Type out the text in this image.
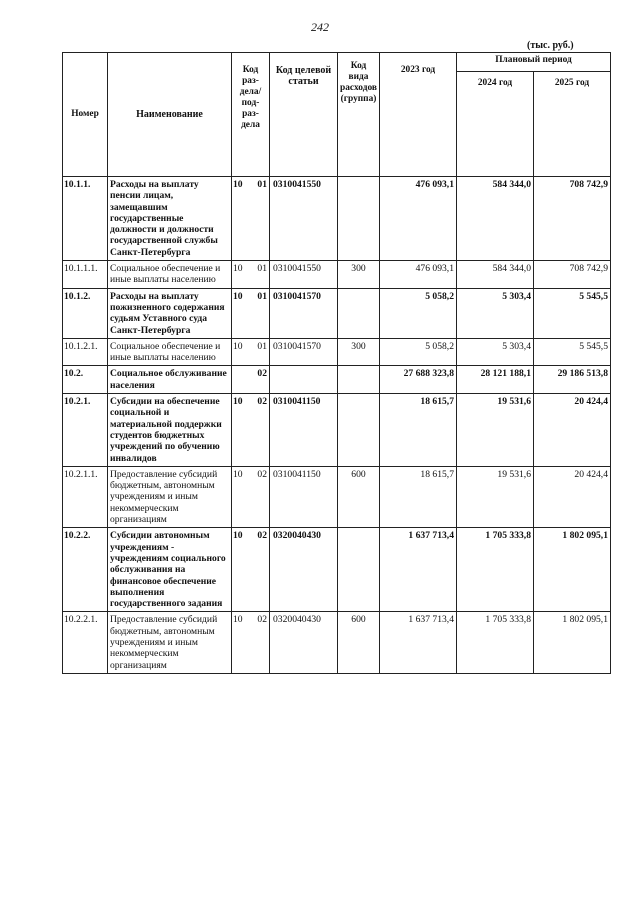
242
(тыс. руб.)
Номер	Наименование	Код раз-дела/ под-раз-дела	Код целевой статьи	Код вида расходов (группа)	2023 год	Плановый период	
						2024 год	2025 год
10.1.1.	Расходы на выплату пенсии лицам, замещавшим государственные должности и должности государственной службы Санкт-Петербурга	10 01	0310041550		476 093,1	584 344,0	708 742,9
10.1.1.1.	Социальное обеспечение и иные выплаты населению	10 01	0310041550	300	476 093,1	584 344,0	708 742,9
10.1.2.	Расходы на выплату пожизненного содержания судьям Уставного суда Санкт-Петербурга	10 01	0310041570		5 058,2	5 303,4	5 545,5
10.1.2.1.	Социальное обеспечение и иные выплаты населению	10 01	0310041570	300	5 058,2	5 303,4	5 545,5
10.2.	Социальное обслуживание населения	02			27 688 323,8	28 121 188,1	29 186 513,8
10.2.1.	Субсидии на обеспечение социальной и материальной поддержки студентов бюджетных учреждений по обучению инвалидов	10 02	0310041150		18 615,7	19 531,6	20 424,4
10.2.1.1.	Предоставление субсидий бюджетным, автономным учреждениям и иным некоммерческим организациям	10 02	0310041150	600	18 615,7	19 531,6	20 424,4
10.2.2.	Субсидии автономным учреждениям - учреждениям социального обслуживания на финансовое обеспечение выполнения государственного задания	10 02	0320040430		1 637 713,4	1 705 333,8	1 802 095,1
10.2.2.1.	Предоставление субсидий бюджетным, автономным учреждениям и иным некоммерческим организациям	10 02	0320040430	600	1 637 713,4	1 705 333,8	1 802 095,1
